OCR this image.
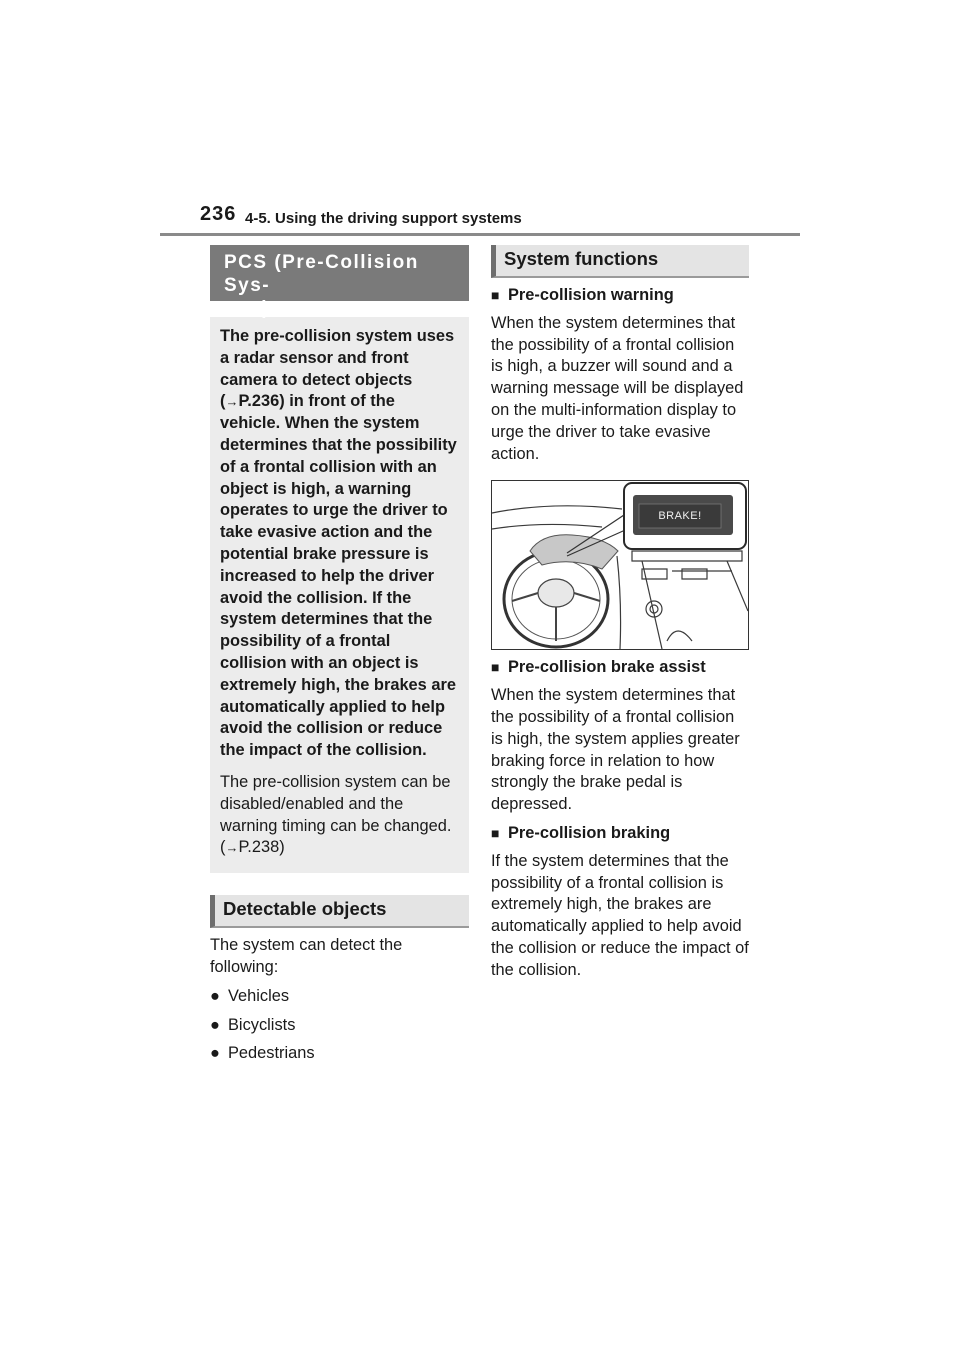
236 4-5. Using the driving support systems
PCS (Pre-Collision Sys-
tem)
The pre-collision system uses a radar sensor and front camera to detect objects (→P.236) in front of the vehicle. When the system determines that the possibility of a frontal collision with an object is high, a warning operates to urge the driver to take evasive action and the potential brake pressure is increased to help the driver avoid the collision. If the system determines that the possibility of a frontal collision with an object is extremely high, the brakes are automatically applied to help avoid the collision or reduce the impact of the collision.
The pre-collision system can be disabled/enabled and the warning timing can be changed. (→P.238)
Detectable objects
The system can detect the following:
● Vehicles
● Bicyclists
● Pedestrians
System functions
■ Pre-collision warning
When the system determines that the possibility of a frontal collision is high, a buzzer will sound and a warning message will be displayed on the multi-information display to urge the driver to take evasive action.
BRAKE!
■ Pre-collision brake assist
When the system determines that the possibility of a frontal collision is high, the system applies greater braking force in relation to how strongly the brake pedal is depressed.
■ Pre-collision braking
If the system determines that the possibility of a frontal collision is extremely high, the brakes are automatically applied to help avoid the collision or reduce the impact of the collision.
